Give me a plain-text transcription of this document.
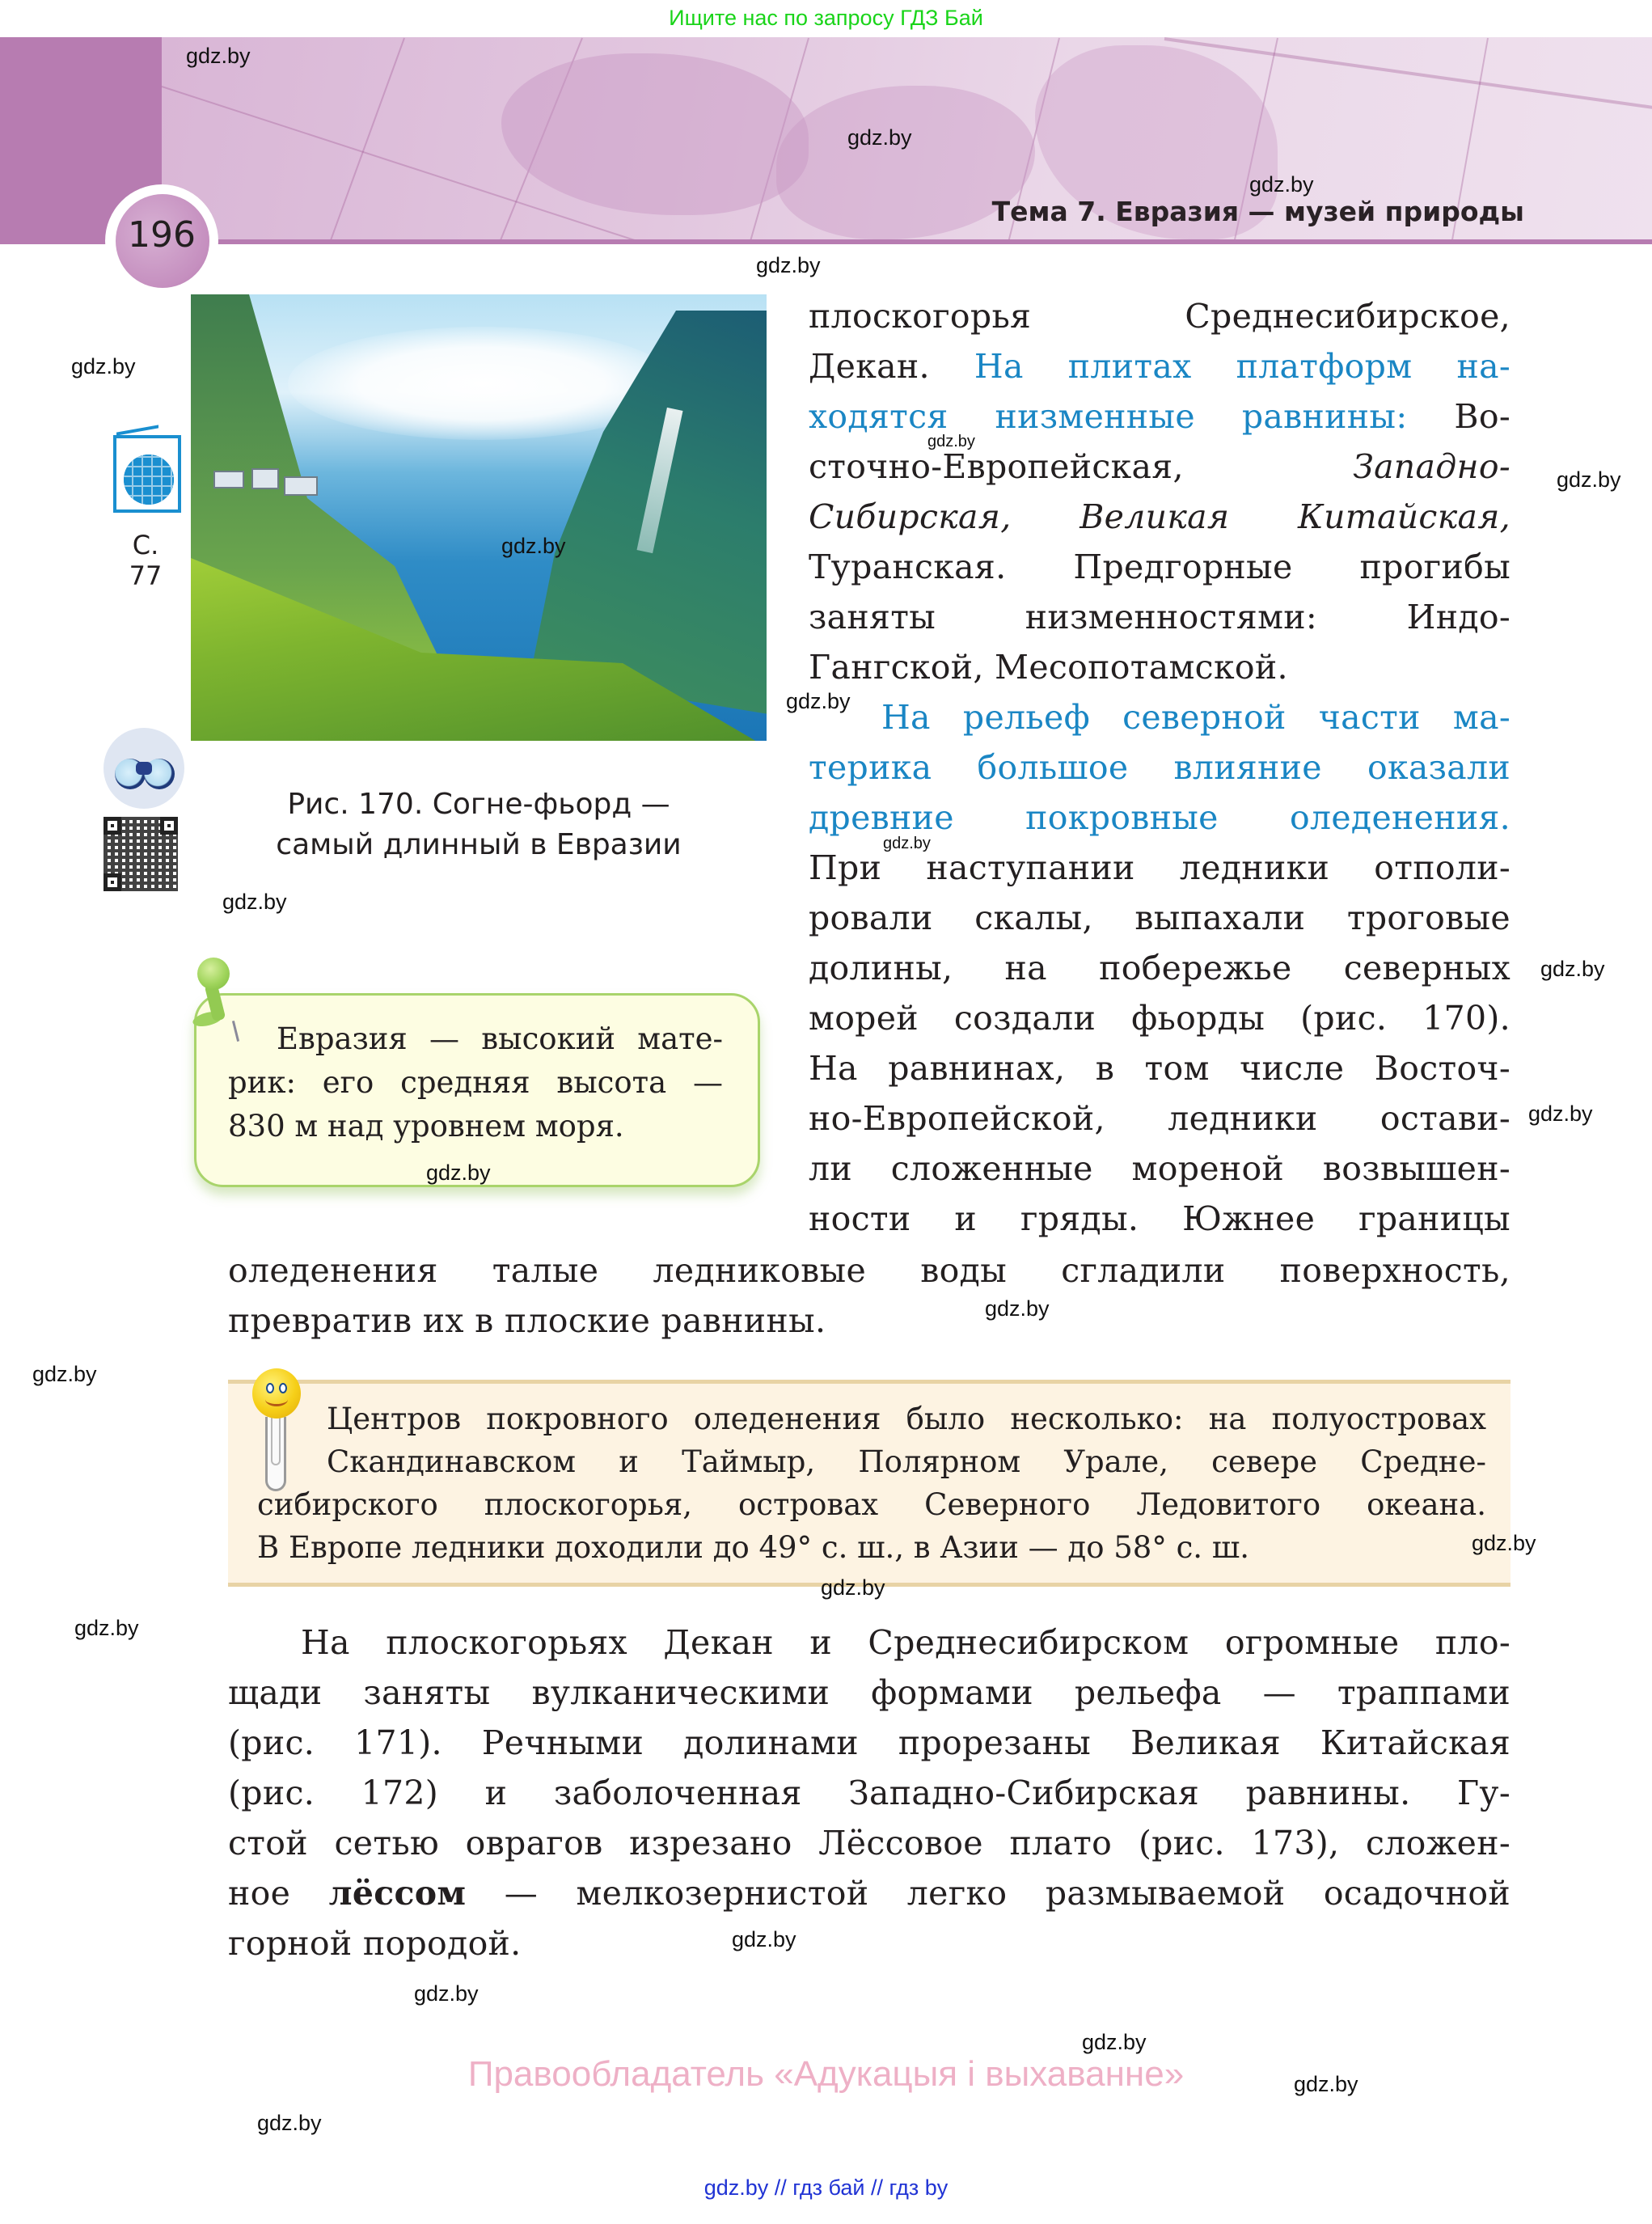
Ищите нас по запросу ГДЗ Бай
196
Тема 7. Евразия — музей природы
С. 77
Рис. 170. Согне-фьорд —
самый длинный в Евразии
плоскогорья Среднесибирское,
Декан. На плитах платформ на-
ходятся низменные равнины: Во-
сточно-Европейская, Западно-
Сибирская, Великая Китайская,
Туранская. Предгорные прогибы
заняты низменностями: Индо-
Гангской, Месопотамской.
На рельеф северной части ма-
терика большое влияние оказали
древние покровные оледенения.
При наступании ледники отполи-
ровали скалы, выпахали троговые
долины, на побережье северных
морей создали фьорды (рис. 170).
На равнинах, в том числе Восточ-
но-Европейской, ледники остави-
ли сложенные мореной возвышен-
ности и гряды. Южнее границы
Евразия — высокий мате-
рик: его средняя высота —
830 м над уровнем моря.
оледенения талые ледниковые воды сгладили поверхность,
превратив их в плоские равнины.
Центров покровного оледенения было несколько: на полуостровах
Скандинавском и Таймыр, Полярном Урале, севере Средне-
сибирского плоскогорья, островах Северного Ледовитого океана.
В Европе ледники доходили до 49° с. ш., в Азии — до 58° с. ш.
На плоскогорьях Декан и Среднесибирском огромные пло-
щади заняты вулканическими формами рельефа — траппами
(рис. 171). Речными долинами прорезаны Великая Китайская
(рис. 172) и заболоченная Западно-Сибирская равнины. Гу-
стой сетью оврагов изрезано Лёссовое плато (рис. 173), сложен-
ное лёссом — мелкозернистой легко размываемой осадочной
горной породой.
gdz.by
gdz.by
gdz.by
gdz.by
gdz.by
gdz.by
gdz.by
gdz.by
gdz.by
gdz.by
gdz.by
gdz.by
gdz.by
gdz.by
gdz.by
gdz.by
gdz.by
gdz.by
gdz.by
gdz.by
gdz.by
gdz.by
gdz.by
gdz.by
Правообладатель «Адукацыя і выхаванне»
gdz.by // гдз бай // гдз by
